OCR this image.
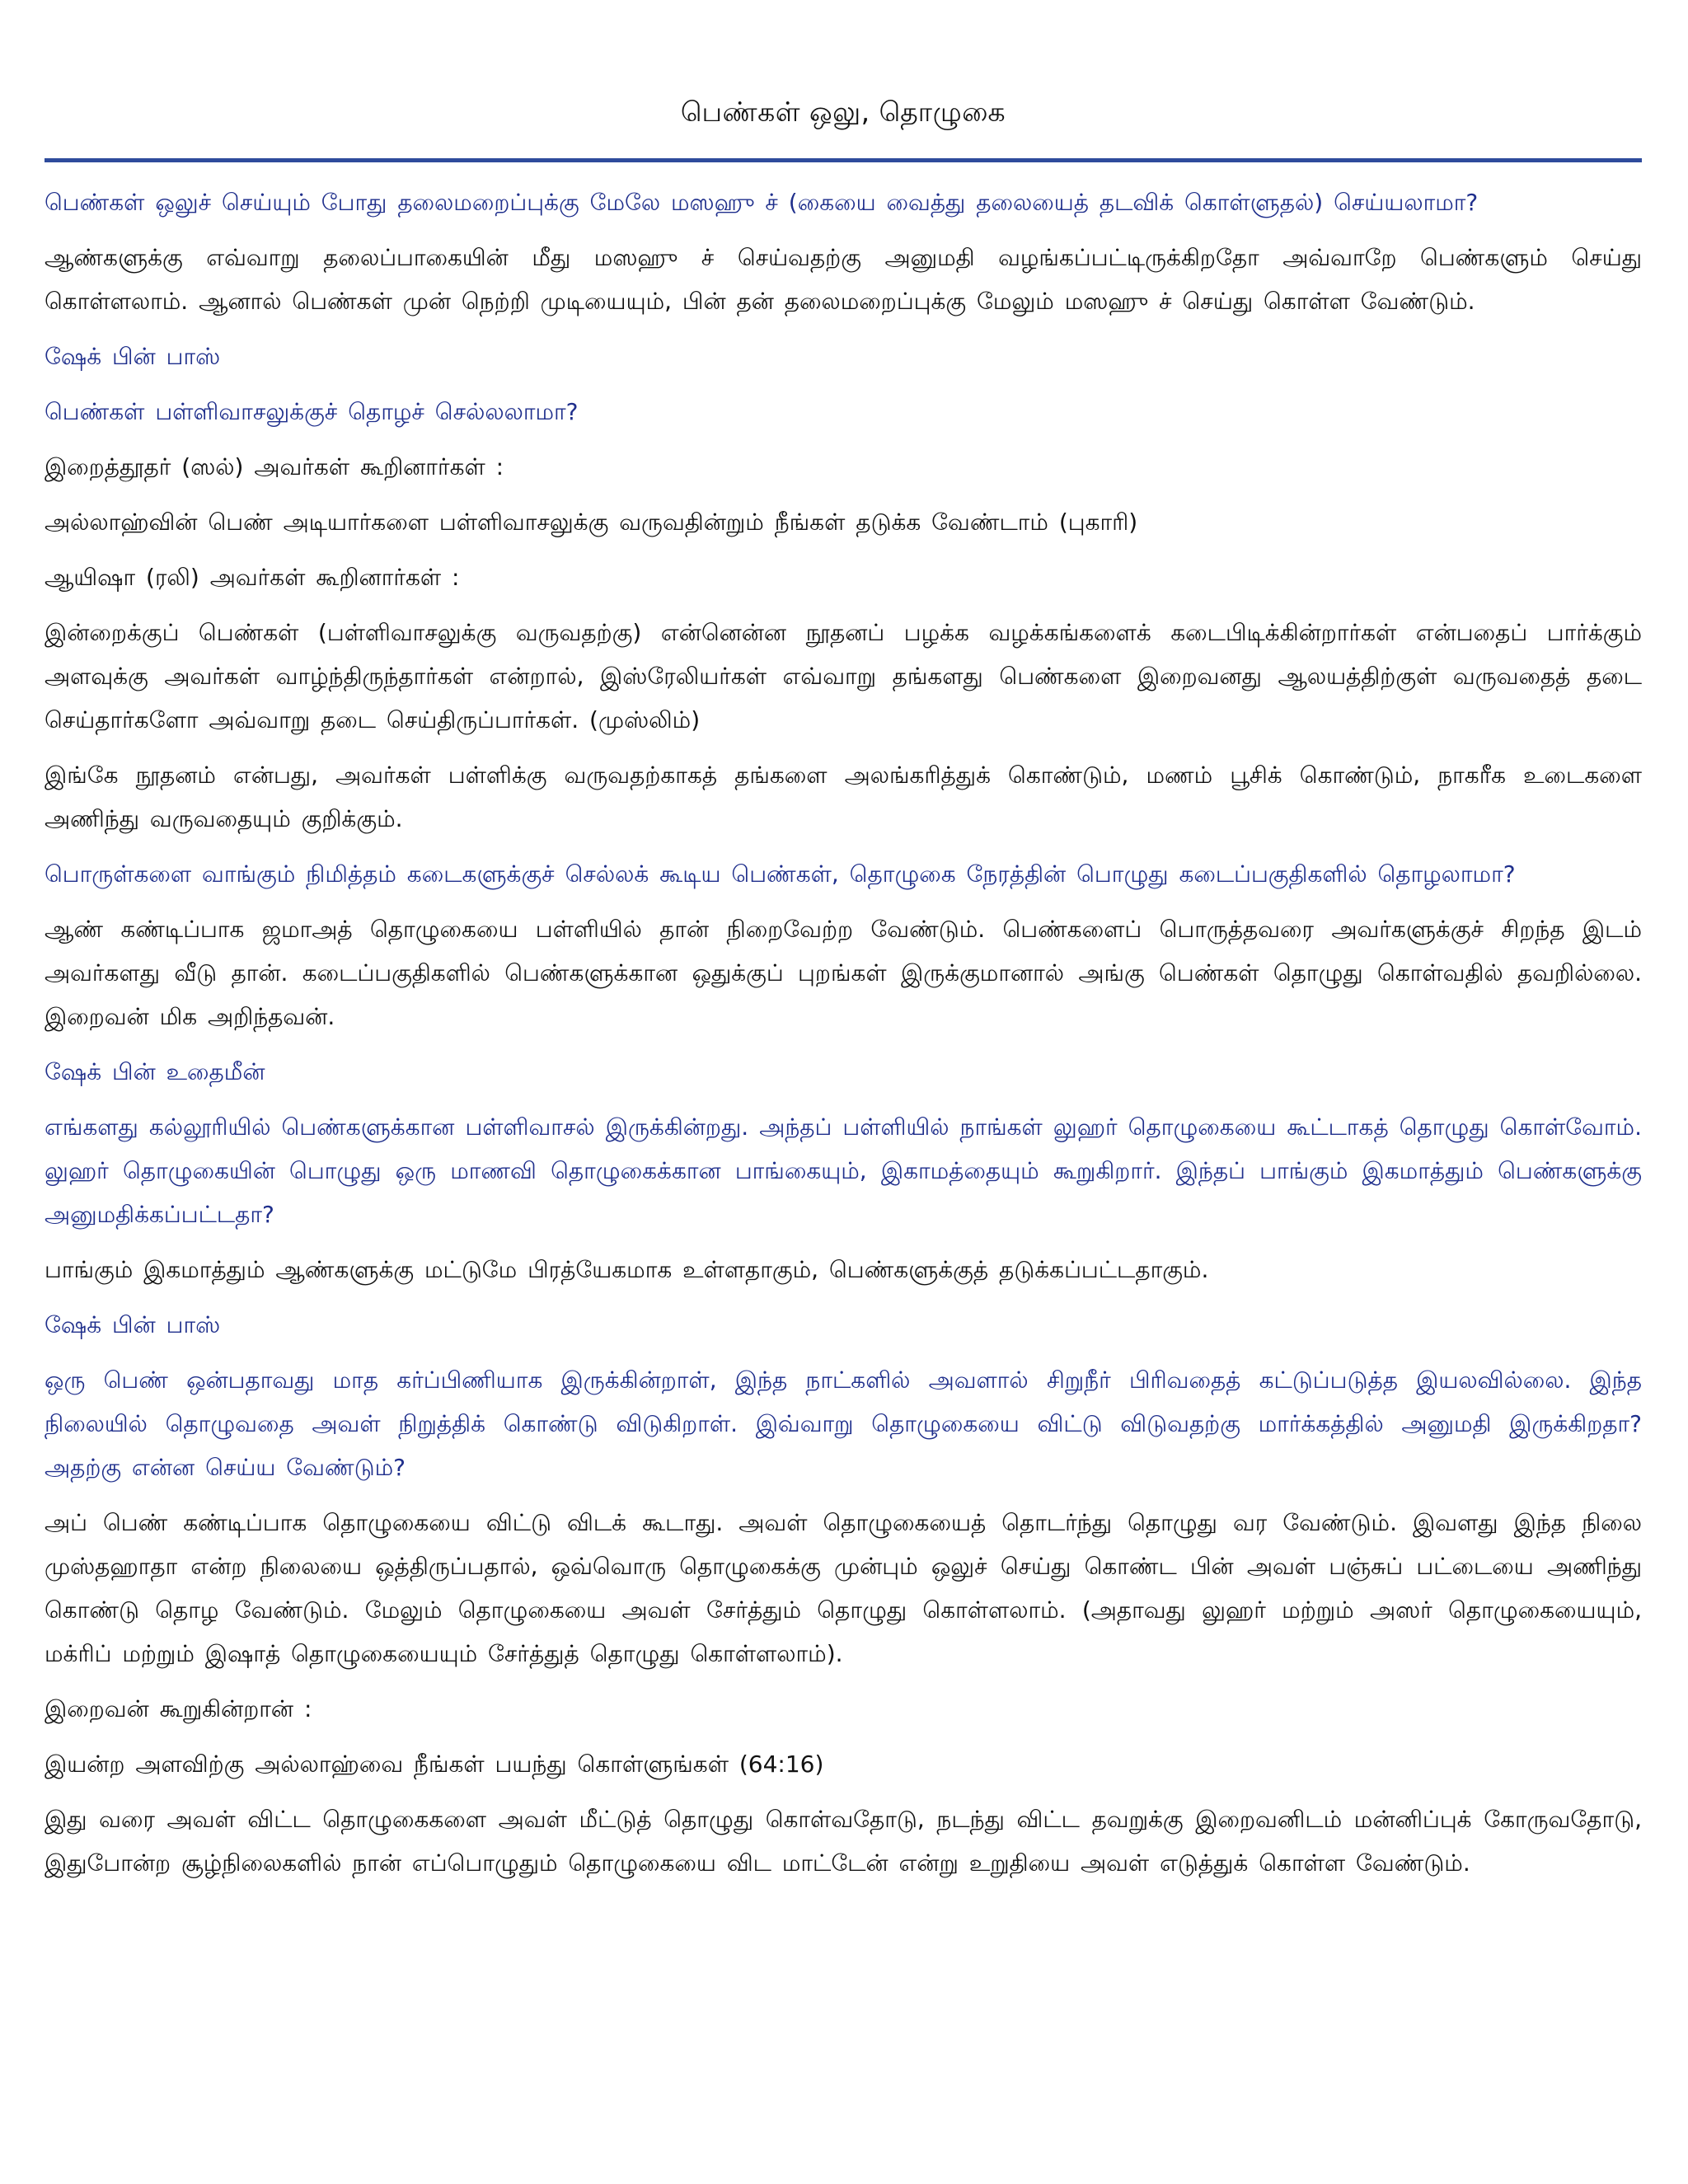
பெண்கள் ஒலு, தொழுகை

பெண்கள் ஒலுச் செய்யும் போது தலைமறைப்புக்கு மேலே மஸஹு ச் (கையை வைத்து தலையைத் தடவிக் கொள்ளுதல்) செய்யலாமா?

ஆண்களுக்கு எவ்வாறு தலைப்பாகையின் மீது மஸஹு ச் செய்வதற்கு அனுமதி வழங்கப்பட்டிருக்கிறதோ அவ்வாறே பெண்களும் செய்து கொள்ளலாம். ஆனால் பெண்கள் முன் நெற்றி முடியையும், பின் தன் தலைமறைப்புக்கு மேலும் மஸஹு ச் செய்து கொள்ள வேண்டும்.

ஷேக் பின் பாஸ்

பெண்கள் பள்ளிவாசலுக்குச் தொழச் செல்லலாமா?

இறைத்தூதர் (ஸல்) அவர்கள் கூறினார்கள் :

அல்லாஹ்வின் பெண் அடியார்களை பள்ளிவாசலுக்கு வருவதின்றும் நீங்கள் தடுக்க வேண்டாம் (புகாரி)

ஆயிஷா (ரலி) அவர்கள் கூறினார்கள் :

இன்றைக்குப் பெண்கள் (பள்ளிவாசலுக்கு வருவதற்கு) என்னென்ன நூதனப் பழக்க வழக்கங்களைக் கடைபிடிக்கின்றார்கள் என்பதைப் பார்க்கும் அளவுக்கு அவர்கள் வாழ்ந்திருந்தார்கள் என்றால், இஸ்ரேலியர்கள் எவ்வாறு தங்களது பெண்களை இறைவனது ஆலயத்திற்குள் வருவதைத் தடை செய்தார்களோ அவ்வாறு தடை செய்திருப்பார்கள். (முஸ்லிம்)

இங்கே நூதனம் என்பது, அவர்கள் பள்ளிக்கு வருவதற்காகத் தங்களை அலங்கரித்துக் கொண்டும், மணம் பூசிக் கொண்டும், நாகரீக உடைகளை அணிந்து வருவதையும் குறிக்கும்.

பொருள்களை வாங்கும் நிமித்தம் கடைகளுக்குச் செல்லக் கூடிய பெண்கள், தொழுகை நேரத்தின் பொழுது கடைப்பகுதிகளில் தொழலாமா?

ஆண் கண்டிப்பாக ஜமாஅத் தொழுகையை பள்ளியில் தான் நிறைவேற்ற வேண்டும். பெண்களைப் பொருத்தவரை அவர்களுக்குச் சிறந்த இடம் அவர்களது வீடு தான். கடைப்பகுதிகளில் பெண்களுக்கான ஒதுக்குப் புறங்கள் இருக்குமானால் அங்கு பெண்கள் தொழுது கொள்வதில் தவறில்லை. இறைவன் மிக அறிந்தவன்.

ஷேக் பின் உதைமீன்

எங்களது கல்லூரியில் பெண்களுக்கான பள்ளிவாசல் இருக்கின்றது. அந்தப் பள்ளியில் நாங்கள் லுஹர் தொழுகையை கூட்டாகத் தொழுது கொள்வோம். லுஹர் தொழுகையின் பொழுது ஒரு மாணவி தொழுகைக்கான பாங்கையும், இகாமத்தையும் கூறுகிறார். இந்தப் பாங்கும் இகமாத்தும் பெண்களுக்கு அனுமதிக்கப்பட்டதா?

பாங்கும் இகமாத்தும் ஆண்களுக்கு மட்டுமே பிரத்யேகமாக உள்ளதாகும், பெண்களுக்குத் தடுக்கப்பட்டதாகும்.

ஷேக் பின் பாஸ்

ஒரு பெண் ஒன்பதாவது மாத கர்ப்பிணியாக இருக்கின்றாள், இந்த நாட்களில் அவளால் சிறுநீர் பிரிவதைத் கட்டுப்படுத்த இயலவில்லை. இந்த நிலையில் தொழுவதை அவள் நிறுத்திக் கொண்டு விடுகிறாள். இவ்வாறு தொழுகையை விட்டு விடுவதற்கு மார்க்கத்தில் அனுமதி இருக்கிறதா? அதற்கு என்ன செய்ய வேண்டும்?

அப் பெண் கண்டிப்பாக தொழுகையை விட்டு விடக் கூடாது. அவள் தொழுகையைத் தொடர்ந்து தொழுது வர வேண்டும். இவளது இந்த நிலை முஸ்தஹாதா என்ற நிலையை ஒத்திருப்பதால், ஒவ்வொரு தொழுகைக்கு முன்பும் ஒலுச் செய்து கொண்ட பின் அவள் பஞ்சுப் பட்டையை அணிந்து கொண்டு தொழ வேண்டும். மேலும் தொழுகையை அவள் சேர்த்தும் தொழுது கொள்ளலாம். (அதாவது லுஹர் மற்றும் அஸர் தொழுகையையும், மக்ரிப் மற்றும் இஷாத் தொழுகையையும் சேர்த்துத் தொழுது கொள்ளலாம்).

இறைவன் கூறுகின்றான் :

இயன்ற அளவிற்கு அல்லாஹ்வை நீங்கள் பயந்து கொள்ளுங்கள் (64:16)

இது வரை அவள் விட்ட தொழுகைகளை அவள் மீட்டுத் தொழுது கொள்வதோடு, நடந்து விட்ட தவறுக்கு இறைவனிடம் மன்னிப்புக் கோருவதோடு, இதுபோன்ற சூழ்நிலைகளில் நான் எப்பொழுதும் தொழுகையை விட மாட்டேன் என்று உறுதியை அவள் எடுத்துக் கொள்ள வேண்டும்.
